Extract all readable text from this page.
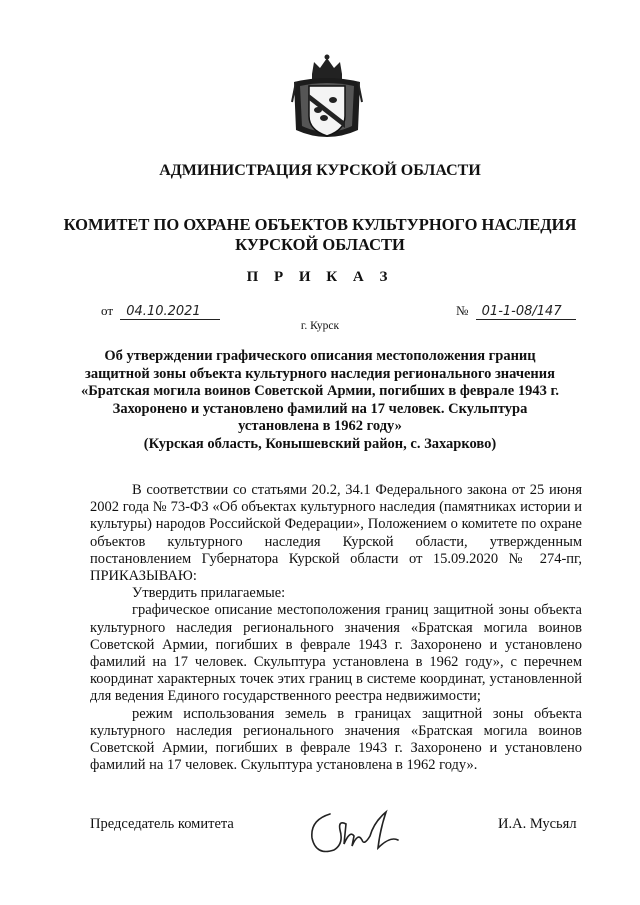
АДМИНИСТРАЦИЯ КУРСКОЙ ОБЛАСТИ
КОМИТЕТ ПО ОХРАНЕ ОБЪЕКТОВ КУЛЬТУРНОГО НАСЛЕДИЯ
КУРСКОЙ ОБЛАСТИ
П Р И К А З
от 04.10.2021	№ 01-1-08/147
г. Курск
Об утверждении графического описания местоположения границ
защитной зоны объекта культурного наследия регионального значения
«Братская могила воинов Советской Армии, погибших в феврале 1943 г.
Захоронено и установлено фамилий на 17 человек. Скульптура
установлена в 1962 году»
(Курская область, Конышевский район, с. Захарково)

В соответствии со статьями 20.2, 34.1 Федерального закона от 25 июня 2002 года № 73-ФЗ «Об объектах культурного наследия (памятниках истории и культуры) народов Российской Федерации», Положением о комитете по охране объектов культурного наследия Курской области, утвержденным постановлением Губернатора Курской области от 15.09.2020 № 274-пг, ПРИКАЗЫВАЮ:

Утвердить прилагаемые:

графическое описание местоположения границ защитной зоны объекта культурного наследия регионального значения «Братская могила воинов Советской Армии, погибших в феврале 1943 г. Захоронено и установлено фамилий на 17 человек. Скульптура установлена в 1962 году», с перечнем координат характерных точек этих границ в системе координат, установленной для ведения Единого государственного реестра недвижимости;

режим использования земель в границах защитной зоны объекта культурного наследия регионального значения «Братская могила воинов Советской Армии, погибших в феврале 1943 г. Захоронено и установлено фамилий на 17 человек. Скульптура установлена в 1962 году».

Председатель комитета	И.А. Мусьял
